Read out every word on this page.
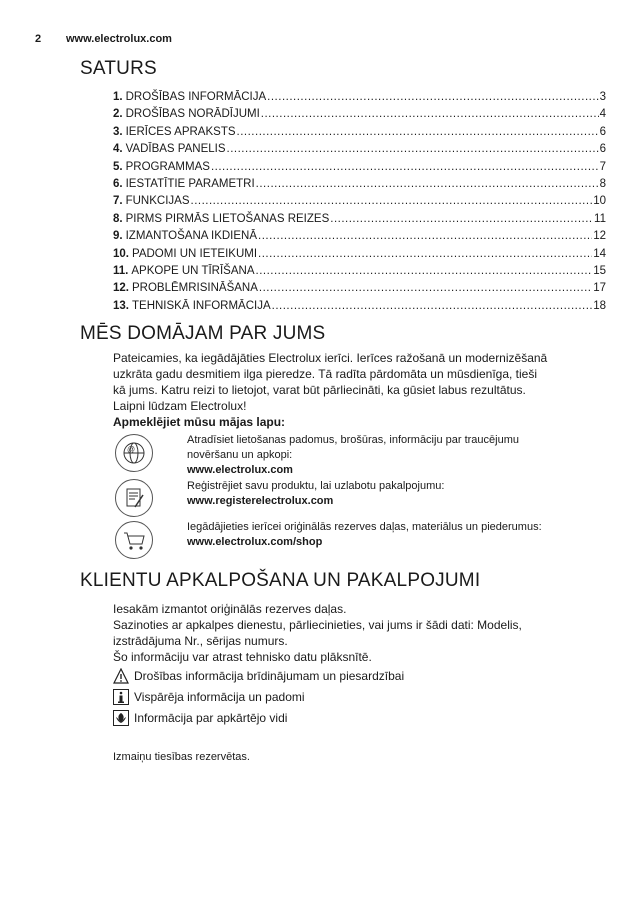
2 www.electrolux.com
SATURS
1. DROŠĪBAS INFORMĀCIJA .....	3
2. DROŠĪBAS NORĀDĪJUMI .....	4
3. IERĪCES APRAKSTS .....	6
4. VADĪBAS PANELIS .....	6
5. PROGRAMMAS .....	7
6. IESTATĪTIE PARAMETRI .....	8
7. FUNKCIJAS .....	10
8. PIRMS PIRMĀS LIETOŠANAS REIZES .....	11
9. IZMANTOŠANA IKDIENĀ .....	12
10. PADOMI UN IETEIKUMI .....	14
11. APKOPE UN TĪRĪŠANA .....	15
12. PROBLĒMRISINĀŠANA .....	17
13. TEHNISKĀ INFORMĀCIJA .....	18
MĒS DOMĀJAM PAR JUMS
Pateicamies, ka iegādājāties Electrolux ierīci. Ierīces ražošanā un modernizēšanā
uzkrāta gadu desmitiem ilga pieredze. Tā radīta pārdomāta un mūsdienīga, tieši
kā jums. Katru reizi to lietojot, varat būt pārliecināti, ka gūsiet labus rezultātus.
Laipni lūdzam Electrolux!
Apmeklējiet mūsu mājas lapu:
@
Atradīsiet lietošanas padomus, brošūras, informāciju par traucējumu
novēršanu un apkopi:
www.electrolux.com
Reģistrējiet savu produktu, lai uzlabotu pakalpojumu:
www.registerelectrolux.com
Iegādājieties ierīcei oriģinālās rezerves daļas, materiālus un piederumus:
www.electrolux.com/shop
KLIENTU APKALPOŠANA UN PAKALPOJUMI
Iesakām izmantot oriģinālās rezerves daļas.
Sazinoties ar apkalpes dienestu, pārliecinieties, vai jums ir šādi dati: Modelis,
izstrādājuma Nr., sērijas numurs.
Šo informāciju var atrast tehnisko datu plāksnītē.
Drošības informācija brīdinājumam un piesardzībai
Vispārēja informācija un padomi
Informācija par apkārtējo vidi
Izmaiņu tiesības rezervētas.
